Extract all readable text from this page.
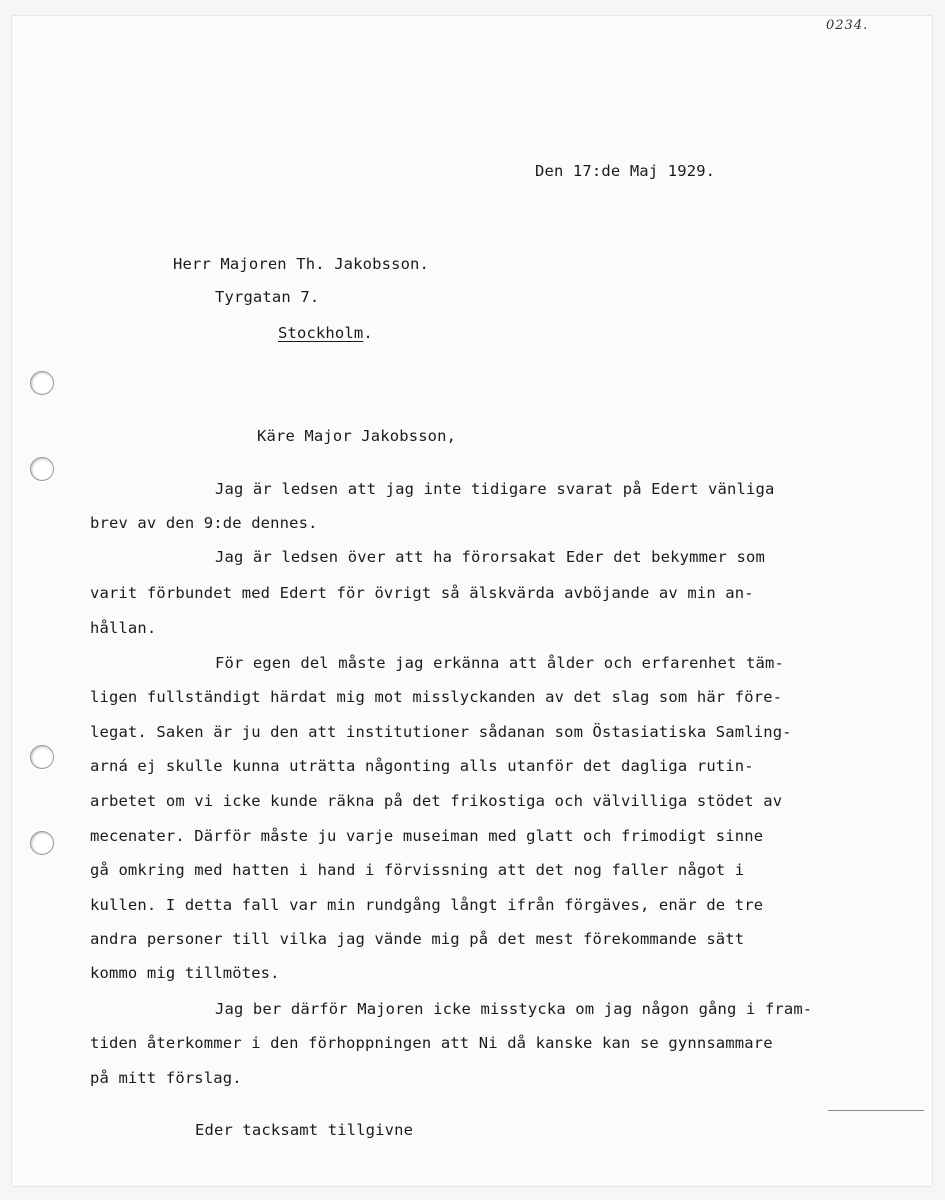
0234.
Den 17:de Maj 1929.
Herr Majoren Th. Jakobsson.
Tyrgatan 7.
Stockholm.
Käre Major Jakobsson,
Jag är ledsen att jag inte tidigare svarat på Edert vänliga
brev av den 9:de dennes.
Jag är ledsen över att ha förorsakat Eder det bekymmer som
varit förbundet med Edert för övrigt så älskvärda avböjande av min an-
hållan.
För egen del måste jag erkänna att ålder och erfarenhet täm-
ligen fullständigt härdat mig mot misslyckanden av det slag som här före-
legat. Saken är ju den att institutioner sådanan som Östasiatiska Samling-
arná ej skulle kunna uträtta någonting alls utanför det dagliga rutin-
arbetet om vi icke kunde räkna på det frikostiga och välvilliga stödet av
mecenater. Därför måste ju varje museiman med glatt och frimodigt sinne
gå omkring med hatten i hand i förvissning att det nog faller något i
kullen. I detta fall var min rundgång långt ifrån förgäves, enär de tre
andra personer till vilka jag vände mig på det mest förekommande sätt
kommo mig tillmötes.
Jag ber därför Majoren icke misstycka om jag någon gång i fram-
tiden återkommer i den förhoppningen att Ni då kanske kan se gynnsammare
på mitt förslag.
Eder tacksamt tillgivne
